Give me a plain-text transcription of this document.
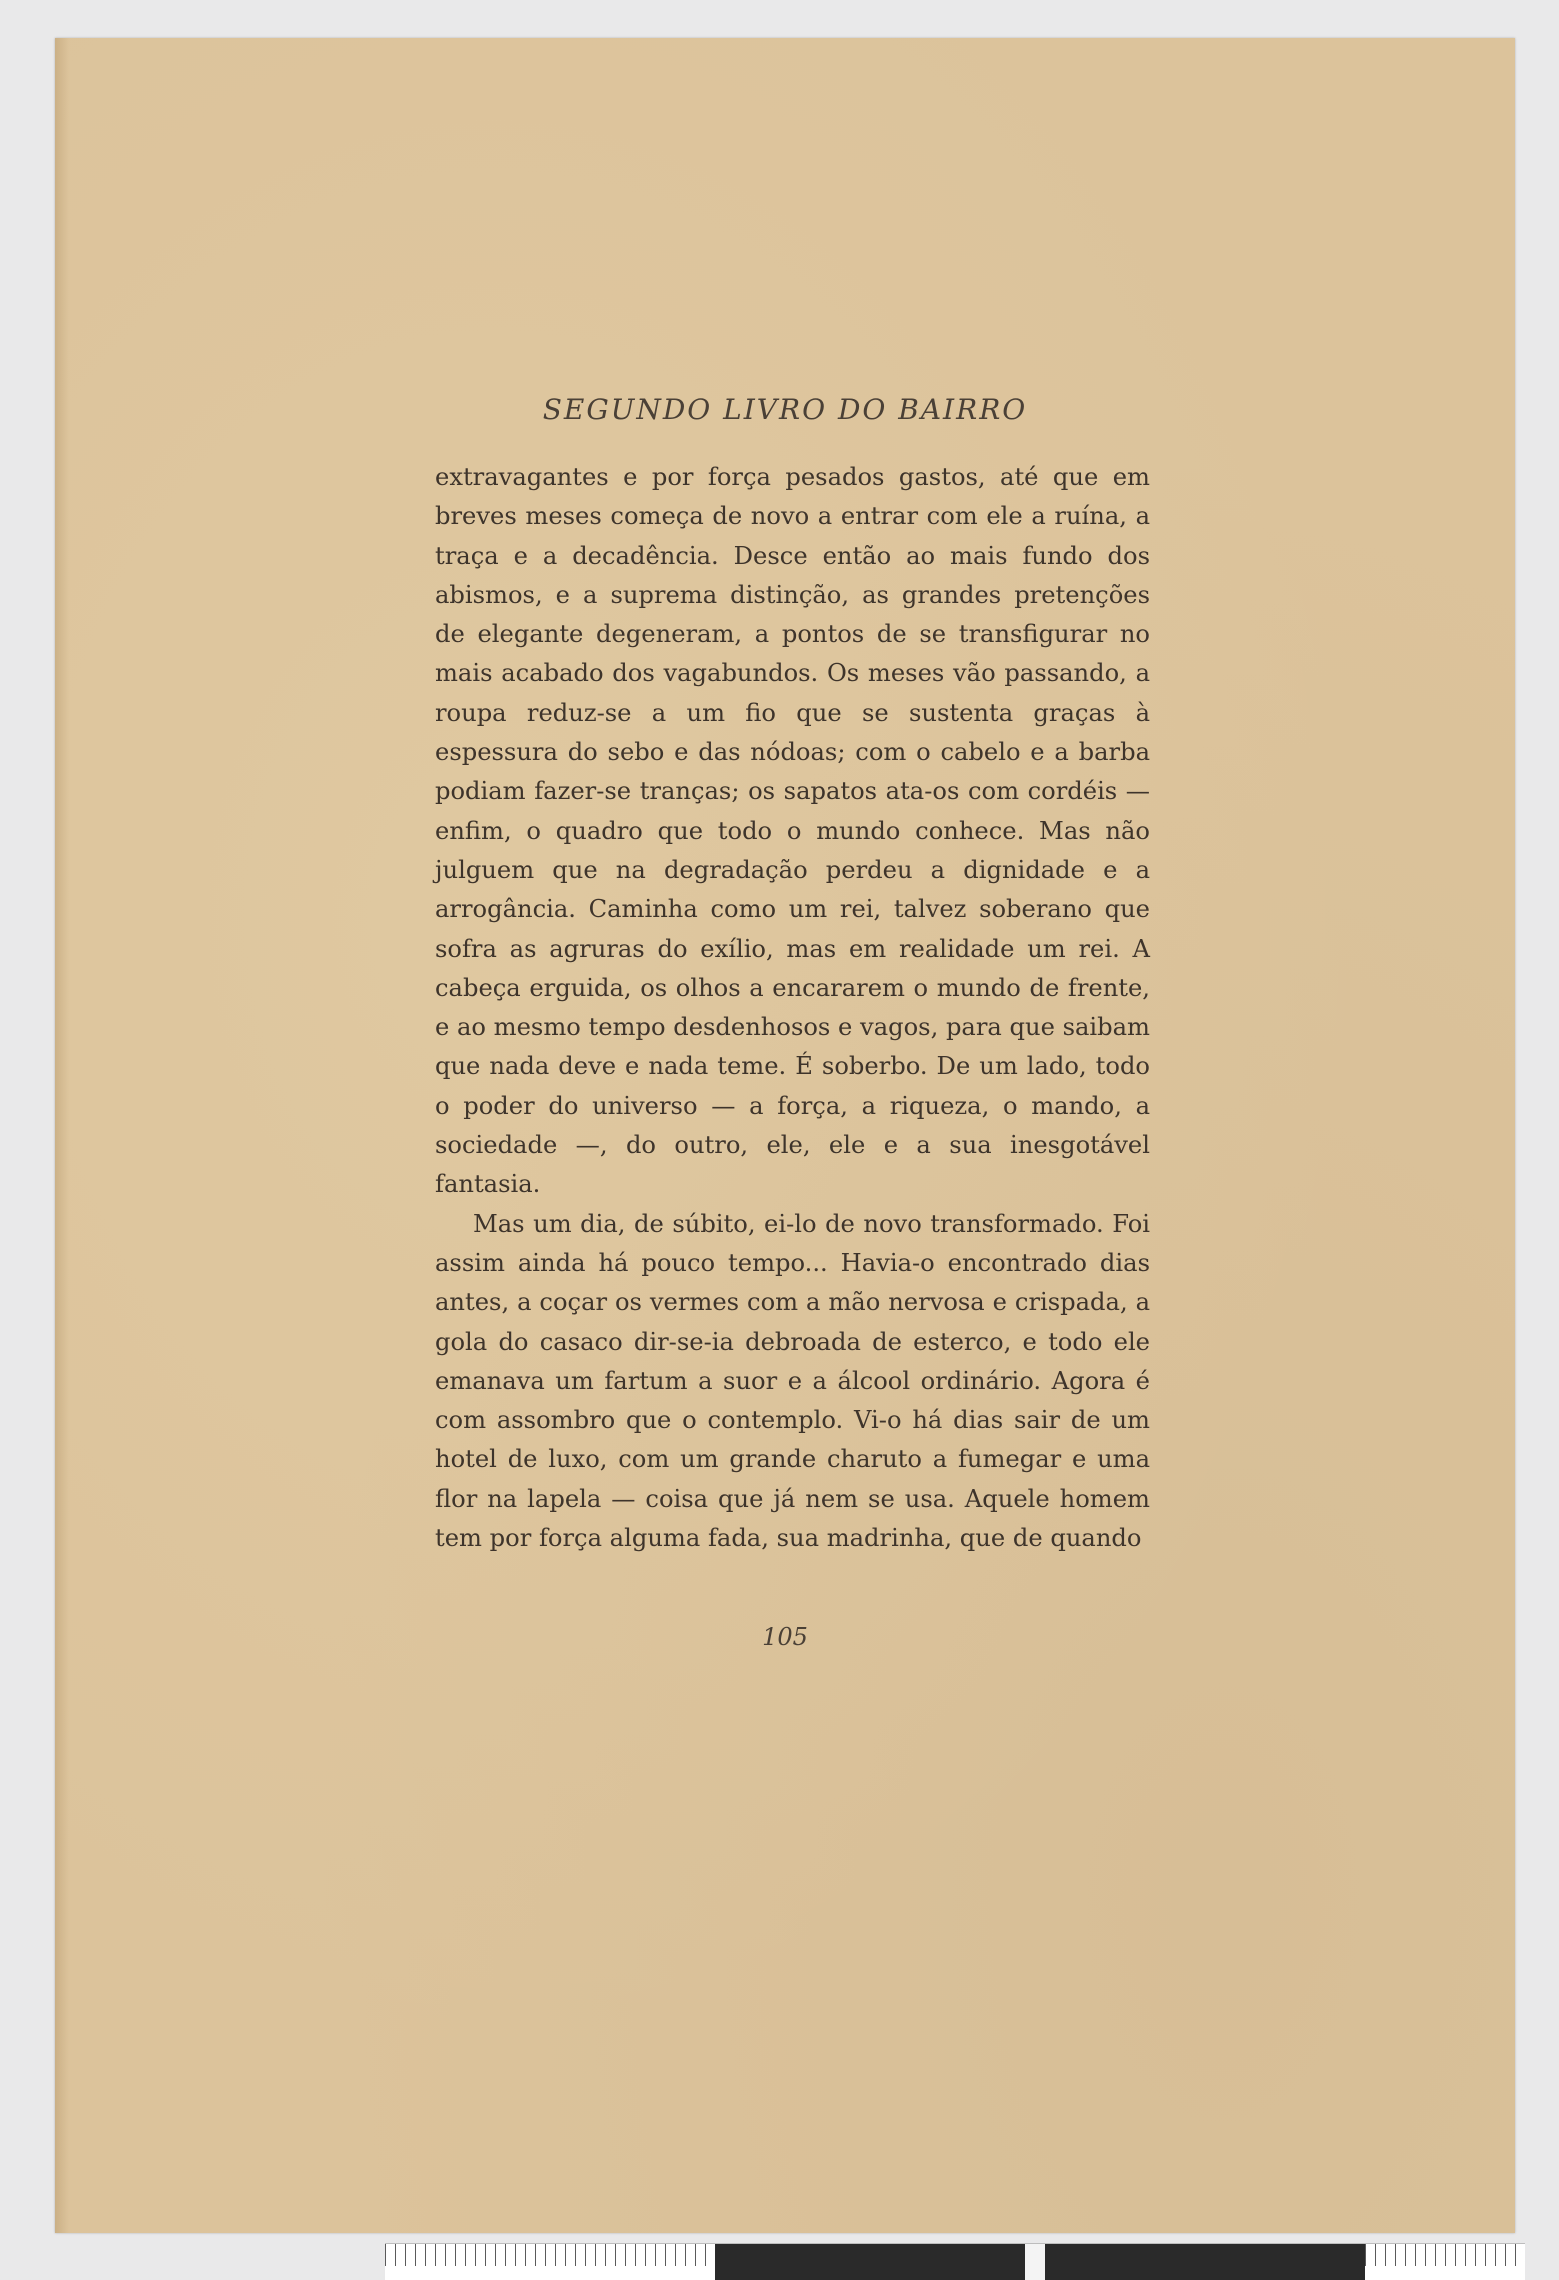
SEGUNDO LIVRO DO BAIRRO

extravagantes e por força pesados gastos, até que em breves meses começa de novo a entrar com ele a ruína, a traça e a decadência. Desce então ao mais fundo dos abismos, e a suprema distinção, as grandes pretenções de elegante degeneram, a pontos de se transfigurar no mais acabado dos vagabundos. Os meses vão passando, a roupa reduz-se a um fio que se sustenta graças à espessura do sebo e das nódoas; com o cabelo e a barba podiam fazer-se tranças; os sapatos ata-os com cordéis — enfim, o quadro que todo o mundo conhece. Mas não julguem que na degradação perdeu a dignidade e a arrogância. Caminha como um rei, talvez soberano que sofra as agruras do exílio, mas em realidade um rei. A cabeça erguida, os olhos a encararem o mundo de frente, e ao mesmo tempo desdenhosos e vagos, para que saibam que nada deve e nada teme. É soberbo. De um lado, todo o poder do universo — a força, a riqueza, o mando, a sociedade —, do outro, ele, ele e a sua inesgotável fantasia.

Mas um dia, de súbito, ei-lo de novo transformado. Foi assim ainda há pouco tempo... Havia-o encontrado dias antes, a coçar os vermes com a mão nervosa e crispada, a gola do casaco dir-se-ia debroada de esterco, e todo ele emanava um fartum a suor e a álcool ordinário. Agora é com assombro que o contemplo. Vi-o há dias sair de um hotel de luxo, com um grande charuto a fumegar e uma flor na lapela — coisa que já nem se usa. Aquele homem tem por força alguma fada, sua madrinha, que de quando

105
